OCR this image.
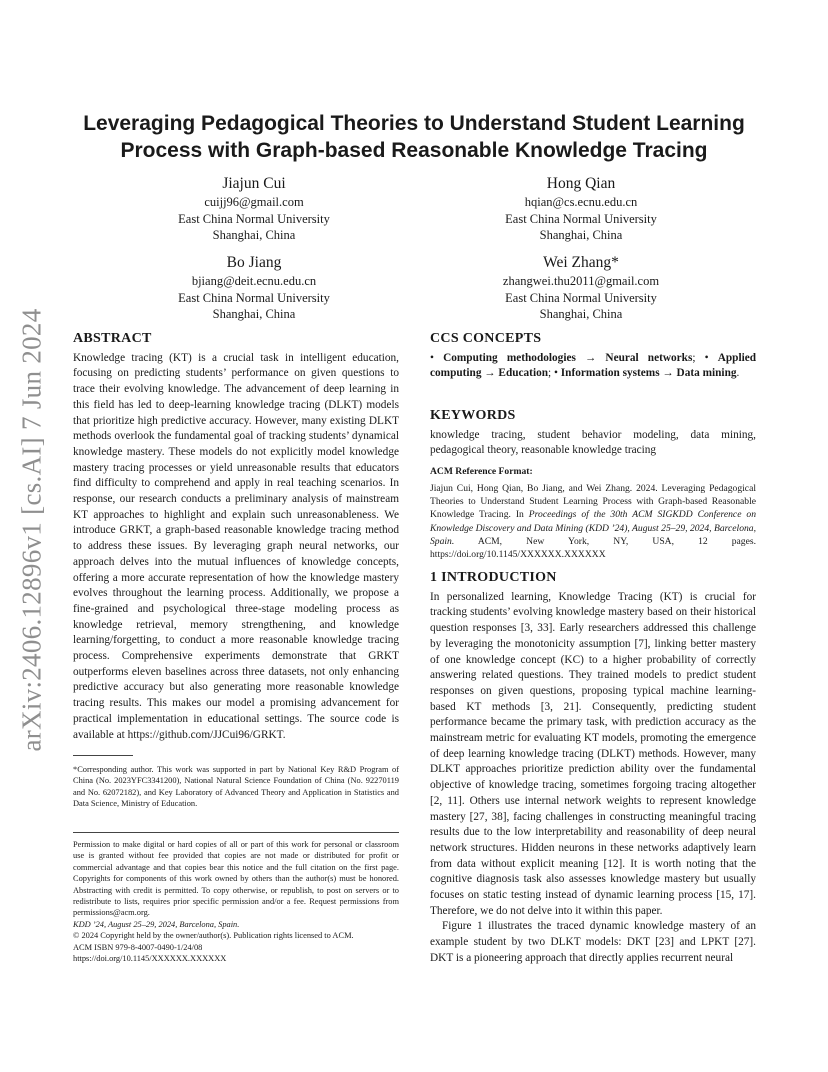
arXiv:2406.12896v1 [cs.AI] 7 Jun 2024
Leveraging Pedagogical Theories to Understand Student Learning Process with Graph-based Reasonable Knowledge Tracing
Jiajun Cui
cuijj96@gmail.com
East China Normal University
Shanghai, China
Hong Qian
hqian@cs.ecnu.edu.cn
East China Normal University
Shanghai, China
Bo Jiang
bjiang@deit.ecnu.edu.cn
East China Normal University
Shanghai, China
Wei Zhang*
zhangwei.thu2011@gmail.com
East China Normal University
Shanghai, China
ABSTRACT

Knowledge tracing (KT) is a crucial task in intelligent education, focusing on predicting students’ performance on given questions to trace their evolving knowledge. The advancement of deep learning in this field has led to deep-learning knowledge tracing (DLKT) models that prioritize high predictive accuracy. However, many existing DLKT methods overlook the fundamental goal of tracking students’ dynamical knowledge mastery. These models do not explicitly model knowledge mastery tracing processes or yield unreasonable results that educators find difficulty to comprehend and apply in real teaching scenarios. In response, our research conducts a preliminary analysis of mainstream KT approaches to highlight and explain such unreasonableness. We introduce GRKT, a graph-based reasonable knowledge tracing method to address these issues. By leveraging graph neural networks, our approach delves into the mutual influences of knowledge concepts, offering a more accurate representation of how the knowledge mastery evolves throughout the learning process. Additionally, we propose a fine-grained and psychological three-stage modeling process as knowledge retrieval, memory strengthening, and knowledge learning/forgetting, to conduct a more reasonable knowledge tracing process. Comprehensive experiments demonstrate that GRKT outperforms eleven baselines across three datasets, not only enhancing predictive accuracy but also generating more reasonable knowledge tracing results. This makes our model a promising advancement for practical implementation in educational settings. The source code is available at https://github.com/JJCui96/GRKT.

*Corresponding author. This work was supported in part by National Key R&D Program of China (No. 2023YFC3341200), National Natural Science Foundation of China (No. 92270119 and No. 62072182), and Key Laboratory of Advanced Theory and Application in Statistics and Data Science, Ministry of Education.
Permission to make digital or hard copies of all or part of this work for personal or classroom use is granted without fee provided that copies are not made or distributed for profit or commercial advantage and that copies bear this notice and the full citation on the first page. Copyrights for components of this work owned by others than the author(s) must be honored. Abstracting with credit is permitted. To copy otherwise, or republish, to post on servers or to redistribute to lists, requires prior specific permission and/or a fee. Request permissions from permissions@acm.org.
KDD ’24, August 25–29, 2024, Barcelona, Spain.
© 2024 Copyright held by the owner/author(s). Publication rights licensed to ACM.
ACM ISBN 979-8-4007-0490-1/24/08
https://doi.org/10.1145/XXXXXX.XXXXXX
CCS CONCEPTS
• Computing methodologies → Neural networks; • Applied computing → Education; • Information systems → Data mining.
KEYWORDS

knowledge tracing, student behavior modeling, data mining, pedagogical theory, reasonable knowledge tracing

ACM Reference Format:
Jiajun Cui, Hong Qian, Bo Jiang, and Wei Zhang. 2024. Leveraging Pedagogical Theories to Understand Student Learning Process with Graph-based Reasonable Knowledge Tracing. In Proceedings of the 30th ACM SIGKDD Conference on Knowledge Discovery and Data Mining (KDD ’24), August 25–29, 2024, Barcelona, Spain. ACM, New York, NY, USA, 12 pages. https://doi.org/10.1145/XXXXXX.XXXXXX
1 INTRODUCTION

In personalized learning, Knowledge Tracing (KT) is crucial for tracking students’ evolving knowledge mastery based on their historical question responses [3, 33]. Early researchers addressed this challenge by leveraging the monotonicity assumption [7], linking better mastery of one knowledge concept (KC) to a higher probability of correctly answering related questions. They trained models to predict student responses on given questions, proposing typical machine learning-based KT methods [3, 21]. Consequently, predicting student performance became the primary task, with prediction accuracy as the mainstream metric for evaluating KT models, promoting the emergence of deep learning knowledge tracing (DLKT) methods. However, many DLKT approaches prioritize prediction ability over the fundamental objective of knowledge tracing, sometimes forgoing tracing altogether [2, 11]. Others use internal network weights to represent knowledge mastery [27, 38], facing challenges in constructing meaningful tracing results due to the low interpretability and reasonability of deep neural network structures. Hidden neurons in these networks adaptively learn from data without explicit meaning [12]. It is worth noting that the cognitive diagnosis task also assesses knowledge mastery but usually focuses on static testing instead of dynamic learning process [15, 17]. Therefore, we do not delve into it within this paper.

Figure 1 illustrates the traced dynamic knowledge mastery of an example student by two DLKT models: DKT [23] and LPKT [27]. DKT is a pioneering approach that directly applies recurrent neural
